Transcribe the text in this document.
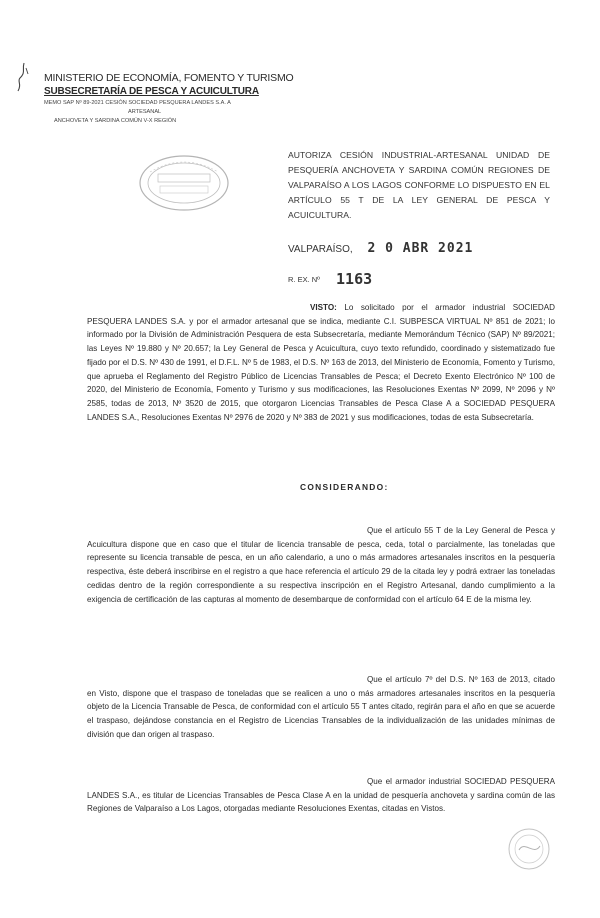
MINISTERIO DE ECONOMÍA, FOMENTO Y TURISMO
SUBSECRETARÍA DE PESCA Y ACUICULTURA
MEMO SAP Nº 89-2021 CESIÓN SOCIEDAD PESQUERA LANDES S.A. A
ARTESANAL
ANCHOVETA Y SARDINA COMÚN V-X REGIÓN
AUTORIZA CESIÓN INDUSTRIAL-ARTESANAL UNIDAD DE PESQUERÍA ANCHOVETA Y SARDINA COMÚN REGIONES DE VALPARAÍSO A LOS LAGOS CONFORME LO DISPUESTO EN EL ARTÍCULO 55 T DE LA LEY GENERAL DE PESCA Y ACUICULTURA.
VALPARAÍSO, 2 0 ABR 2021
R. EX. Nº 1163
VISTO: Lo solicitado por el armador industrial SOCIEDAD PESQUERA LANDES S.A. y por el armador artesanal que se indica, mediante C.I. SUBPESCA VIRTUAL Nº 851 de 2021; lo informado por la División de Administración Pesquera de esta Subsecretaría, mediante Memorándum Técnico (SAP) Nº 89/2021; las Leyes Nº 19.880 y Nº 20.657; la Ley General de Pesca y Acuicultura, cuyo texto refundido, coordinado y sistematizado fue fijado por el D.S. Nº 430 de 1991, el D.F.L. Nº 5 de 1983, el D.S. Nº 163 de 2013, del Ministerio de Economía, Fomento y Turismo, que aprueba el Reglamento del Registro Público de Licencias Transables de Pesca; el Decreto Exento Electrónico Nº 100 de 2020, del Ministerio de Economía, Fomento y Turismo y sus modificaciones, las Resoluciones Exentas Nº 2099, Nº 2096 y Nº 2585, todas de 2013, Nº 3520 de 2015, que otorgaron Licencias Transables de Pesca Clase A a SOCIEDAD PESQUERA LANDES S.A., Resoluciones Exentas Nº 2976 de 2020 y Nº 383 de 2021 y sus modificaciones, todas de esta Subsecretaría.
CONSIDERANDO:
Que el artículo 55 T de la Ley General de Pesca y Acuicultura dispone que en caso que el titular de licencia transable de pesca, ceda, total o parcialmente, las toneladas que represente su licencia transable de pesca, en un año calendario, a uno o más armadores artesanales inscritos en la pesquería respectiva, éste deberá inscribirse en el registro a que hace referencia el artículo 29 de la citada ley y podrá extraer las toneladas cedidas dentro de la región correspondiente a su respectiva inscripción en el Registro Artesanal, dando cumplimiento a la exigencia de certificación de las capturas al momento de desembarque de conformidad con el artículo 64 E de la misma ley.
Que el artículo 7º del D.S. Nº 163 de 2013, citado en Visto, dispone que el traspaso de toneladas que se realicen a uno o más armadores artesanales inscritos en la pesquería objeto de la Licencia Transable de Pesca, de conformidad con el artículo 55 T antes citado, regirán para el año en que se acuerde el traspaso, dejándose constancia en el Registro de Licencias Transables de la individualización de las unidades mínimas de división que dan origen al traspaso.
Que el armador industrial SOCIEDAD PESQUERA LANDES S.A., es titular de Licencias Transables de Pesca Clase A en la unidad de pesquería anchoveta y sardina común de las Regiones de Valparaíso a Los Lagos, otorgadas mediante Resoluciones Exentas, citadas en Vistos.
